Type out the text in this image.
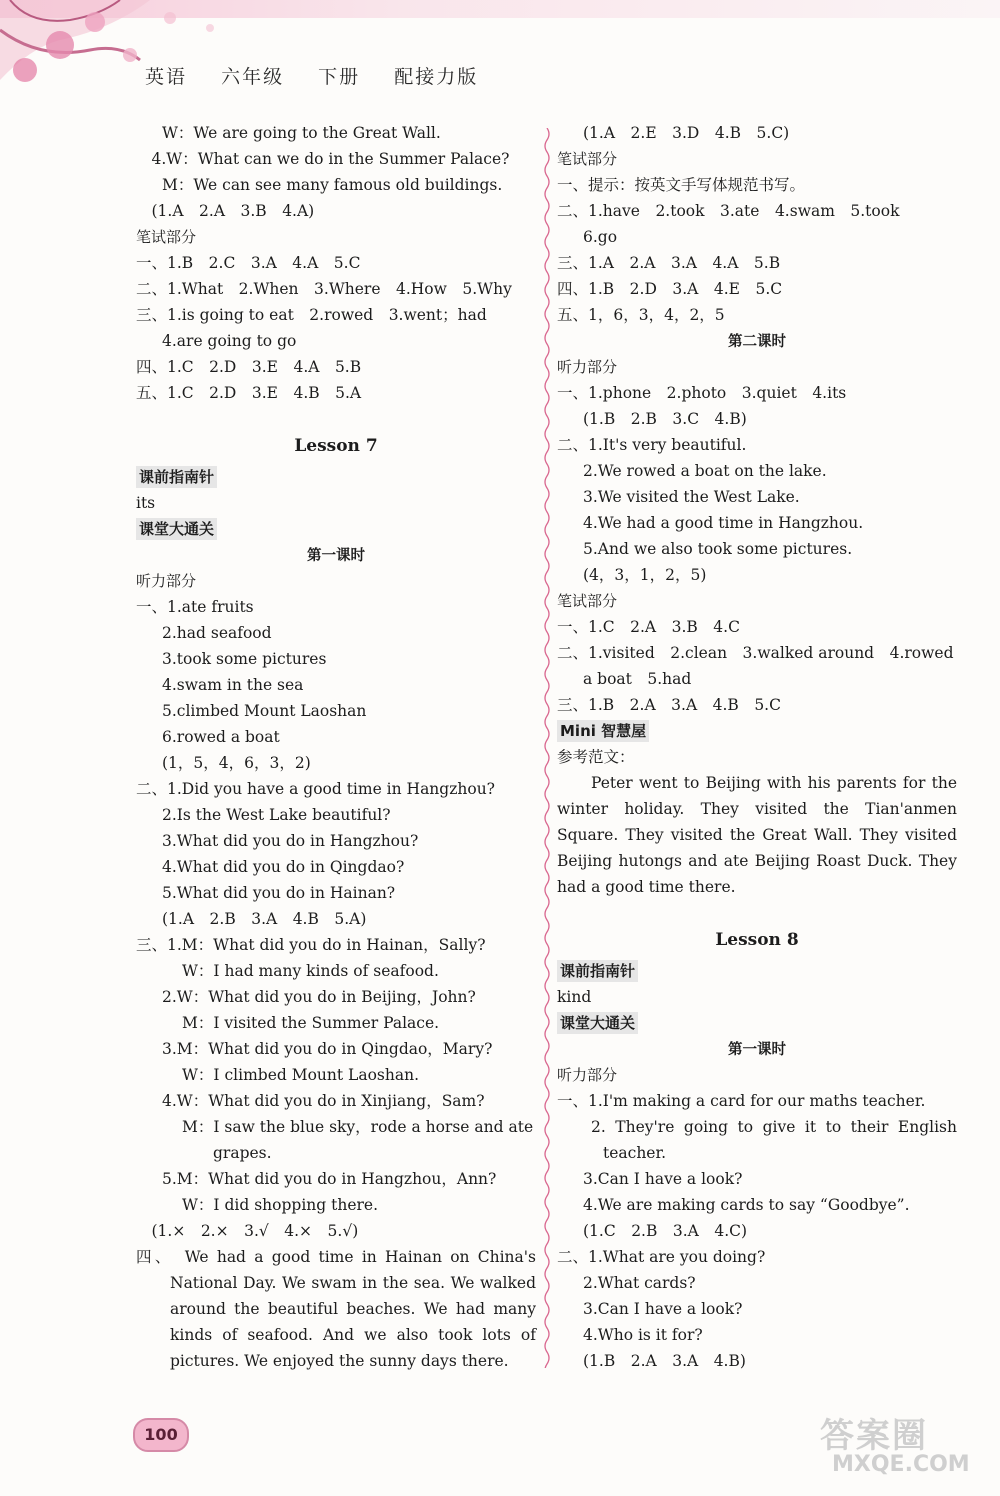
英语 六年级 下册 配接力版
W：We are going to the Great Wall.
　4.W：What can we do in the Summer Palace?
M：We can see many famous old buildings.
　(1.A　2.A　3.B　4.A)
笔试部分
一、1.B　2.C　3.A　4.A　5.C
二、1.What　2.When　3.Where　4.How　5.Why
三、1.is going to eat　2.rowed　3.went；had
4.are going to go
四、1.C　2.D　3.E　4.A　5.B
五、1.C　2.D　3.E　4.B　5.A
Lesson 7
课前指南针
its
课堂大通关
第一课时
听力部分
一、1.ate fruits
2.had seafood
3.took some pictures
4.swam in the sea
5.climbed Mount Laoshan
6.rowed a boat
(1，5，4，6，3，2)
二、1.Did you have a good time in Hangzhou?
2.Is the West Lake beautiful?
3.What did you do in Hangzhou?
4.What did you do in Qingdao?
5.What did you do in Hainan?
(1.A　2.B　3.A　4.B　5.A)
三、1.M：What did you do in Hainan，Sally?
W：I had many kinds of seafood.
2.W：What did you do in Beijing，John?
M：I visited the Summer Palace.
3.M：What did you do in Qingdao，Mary?
W：I climbed Mount Laoshan.
4.W：What did you do in Xinjiang，Sam?
M：I saw the blue sky，rode a horse and ate
　　grapes.
5.M：What did you do in Hangzhou，Ann?
W：I did shopping there.
　(1.×　2.×　3.√　4.×　5.√)
四、　We had a good time in Hainan on China's
National Day. We swam in the sea. We walked
around the beautiful beaches. We had many
kinds of seafood. And we also took lots of
pictures. We enjoyed the sunny days there.
(1.A　2.E　3.D　4.B　5.C)
笔试部分
一、提示：按英文手写体规范书写。
二、1.have　2.took　3.ate　4.swam　5.took
6.go
三、1.A　2.A　3.A　4.A　5.B
四、1.B　2.D　3.A　4.E　5.C
五、1，6，3，4，2，5
第二课时
听力部分
一、1.phone　2.photo　3.quiet　4.its
(1.B　2.B　3.C　4.B)
二、1.It's very beautiful.
2.We rowed a boat on the lake.
3.We visited the West Lake.
4.We had a good time in Hangzhou.
5.And we also took some pictures.
(4，3，1，2，5)
笔试部分
一、1.C　2.A　3.B　4.C
二、1.visited　2.clean　3.walked around　4.rowed
a boat　5.had
三、1.B　2.A　3.A　4.B　5.C
Mini 智慧屋
参考范文：
Peter went to Beijing with his parents for the
winter holiday. They visited the Tian'anmen
Square. They visited the Great Wall. They visited
Beijing hutongs and ate Beijing Roast Duck. They
had a good time there.
Lesson 8
课前指南针
kind
课堂大通关
第一课时
听力部分
一、1.I'm making a card for our maths teacher.
2. They're going to give it to their English
teacher.
3.Can I have a look?
4.We are making cards to say “Goodbye”.
(1.C　2.B　3.A　4.C)
二、1.What are you doing?
2.What cards?
3.Can I have a look?
4.Who is it for?
(1.B　2.A　3.A　4.B)
100	答案圈
MXQE.COM
